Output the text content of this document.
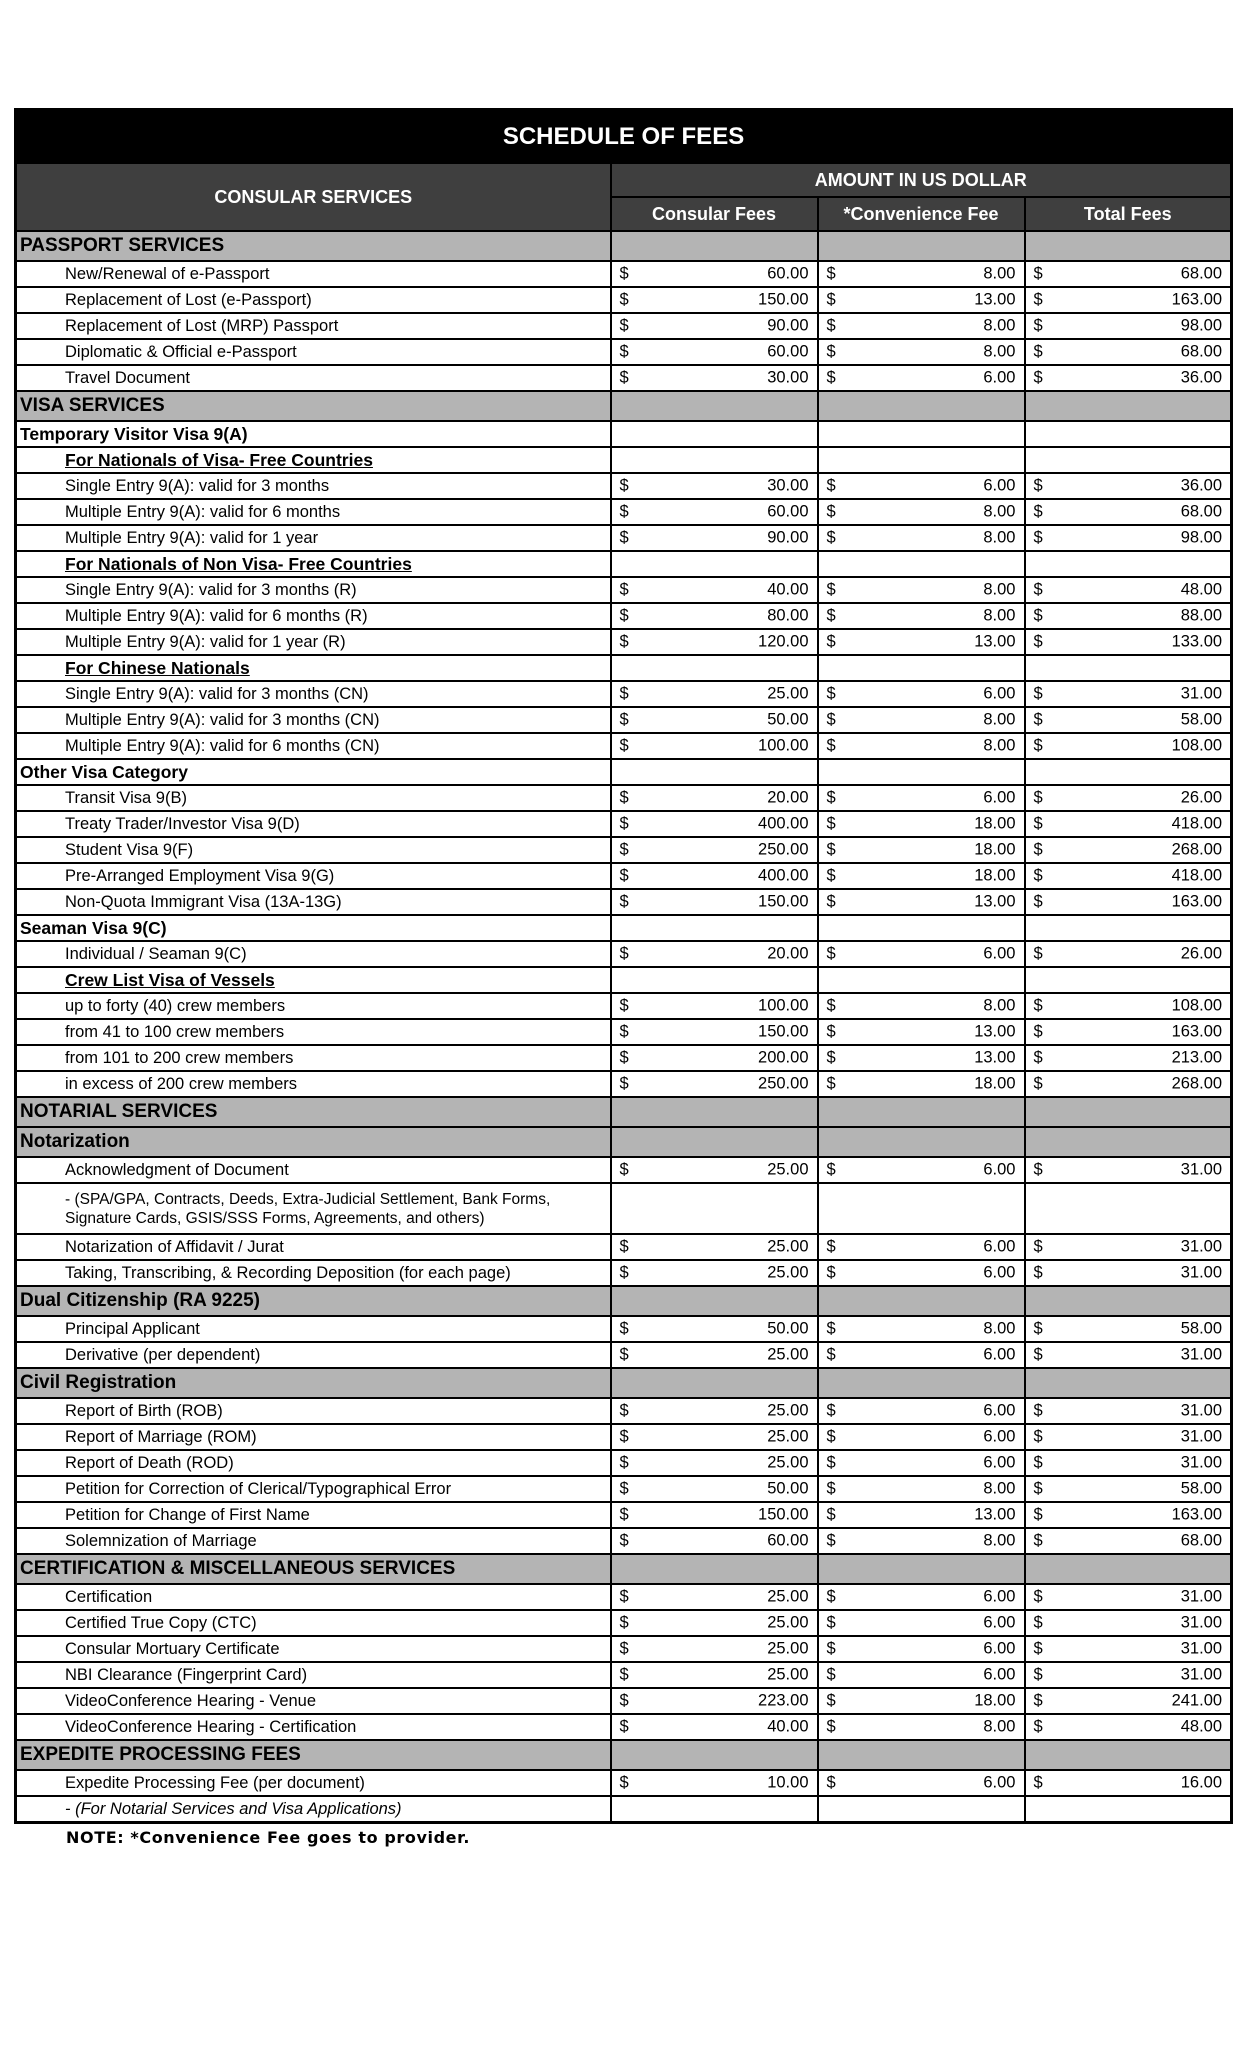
SCHEDULE OF FEES			
CONSULAR SERVICES	AMOUNT IN US DOLLAR		
	Consular Fees	*Convenience Fee	Total Fees
PASSPORT SERVICES			
New/Renewal of e-Passport	$ 60.00	$ 8.00	$ 68.00

Replacement of Lost (e-Passport)	$ 150.00	$ 13.00	$ 163.00

Replacement of Lost (MRP) Passport	$ 90.00	$ 8.00	$ 98.00

Diplomatic & Official e-Passport	$ 60.00	$ 8.00	$ 68.00

Travel Document	$ 30.00	$ 6.00	$ 36.00

VISA SERVICES			
Temporary Visitor Visa 9(A)			
For Nationals of Visa- Free Countries			
Single Entry 9(A): valid for 3 months	$ 30.00	$ 6.00	$ 36.00

Multiple Entry 9(A): valid for 6 months	$ 60.00	$ 8.00	$ 68.00

Multiple Entry 9(A): valid for 1 year	$ 90.00	$ 8.00	$ 98.00

For Nationals of Non Visa- Free Countries			
Single Entry 9(A): valid for 3 months (R)	$ 40.00	$ 8.00	$ 48.00

Multiple Entry 9(A): valid for 6 months (R)	$ 80.00	$ 8.00	$ 88.00

Multiple Entry 9(A): valid for 1 year (R)	$ 120.00	$ 13.00	$ 133.00

For Chinese Nationals			
Single Entry 9(A): valid for 3 months (CN)	$ 25.00	$ 6.00	$ 31.00

Multiple Entry 9(A): valid for 3 months (CN)	$ 50.00	$ 8.00	$ 58.00

Multiple Entry 9(A): valid for 6 months (CN)	$ 100.00	$ 8.00	$ 108.00

Other Visa Category			
Transit Visa 9(B)	$ 20.00	$ 6.00	$ 26.00

Treaty Trader/Investor Visa 9(D)	$ 400.00	$ 18.00	$ 418.00

Student Visa 9(F)	$ 250.00	$ 18.00	$ 268.00

Pre-Arranged Employment Visa 9(G)	$ 400.00	$ 18.00	$ 418.00

Non-Quota Immigrant Visa (13A-13G)	$ 150.00	$ 13.00	$ 163.00

Seaman Visa 9(C)			
Individual / Seaman 9(C)	$ 20.00	$ 6.00	$ 26.00

Crew List Visa of Vessels			
up to forty (40) crew members	$ 100.00	$ 8.00	$ 108.00

from 41 to 100 crew members	$ 150.00	$ 13.00	$ 163.00

from 101 to 200 crew members	$ 200.00	$ 13.00	$ 213.00

in excess of 200 crew members	$ 250.00	$ 18.00	$ 268.00

NOTARIAL SERVICES			
Notarization			
Acknowledgment of Document	$ 25.00	$ 6.00	$ 31.00

- (SPA/GPA, Contracts, Deeds, Extra-Judicial Settlement, Bank Forms, Signature Cards, GSIS/SSS Forms, Agreements, and others)			
Notarization of Affidavit / Jurat	$ 25.00	$ 6.00	$ 31.00

Taking, Transcribing, & Recording Deposition (for each page)	$ 25.00	$ 6.00	$ 31.00

Dual Citizenship (RA 9225)			
Principal Applicant	$ 50.00	$ 8.00	$ 58.00

Derivative (per dependent)	$ 25.00	$ 6.00	$ 31.00

Civil Registration			
Report of Birth (ROB)	$ 25.00	$ 6.00	$ 31.00

Report of Marriage (ROM)	$ 25.00	$ 6.00	$ 31.00

Report of Death (ROD)	$ 25.00	$ 6.00	$ 31.00

Petition for Correction of Clerical/Typographical Error	$ 50.00	$ 8.00	$ 58.00

Petition for Change of First Name	$ 150.00	$ 13.00	$ 163.00

Solemnization of Marriage	$ 60.00	$ 8.00	$ 68.00

CERTIFICATION & MISCELLANEOUS SERVICES			
Certification	$ 25.00	$ 6.00	$ 31.00

Certified True Copy (CTC)	$ 25.00	$ 6.00	$ 31.00

Consular Mortuary Certificate	$ 25.00	$ 6.00	$ 31.00

NBI Clearance (Fingerprint Card)	$ 25.00	$ 6.00	$ 31.00

VideoConference Hearing - Venue	$ 223.00	$ 18.00	$ 241.00

VideoConference Hearing - Certification	$ 40.00	$ 8.00	$ 48.00

EXPEDITE PROCESSING FEES			
Expedite Processing Fee (per document)	$ 10.00	$ 6.00	$ 16.00

- (For Notarial Services and Visa Applications)			
NOTE: *Convenience Fee goes to provider.
